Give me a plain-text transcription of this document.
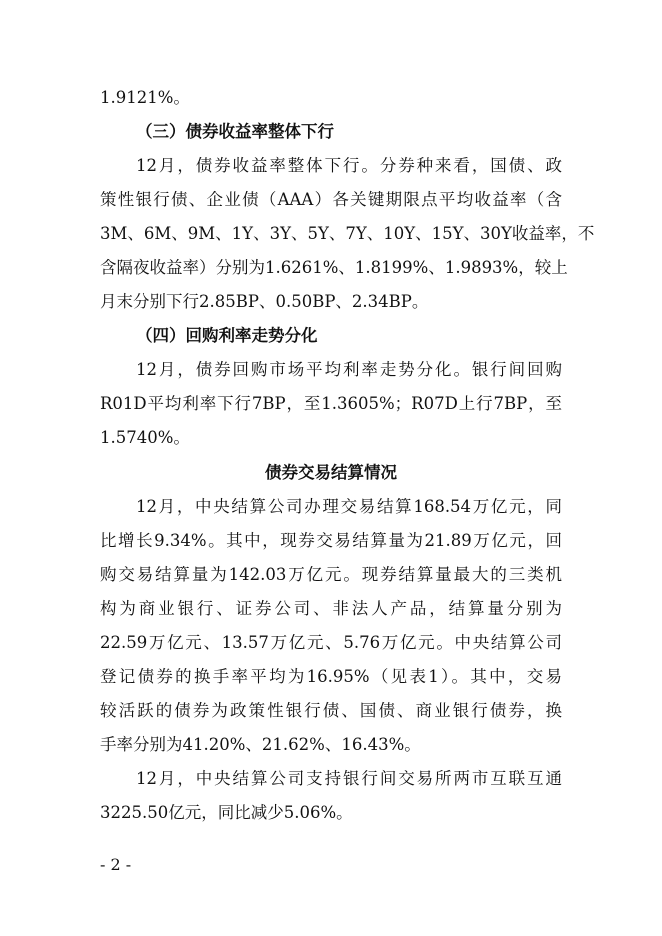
1.9121%。
（三）债券收益率整体下行
12月，债券收益率整体下行。分券种来看，国债、政
策性银行债、企业债（AAA）各关键期限点平均收益率（含
3M、6M、9M、1Y、3Y、5Y、7Y、10Y、15Y、30Y收益率，不
含隔夜收益率）分别为1.6261%、1.8199%、1.9893%，较上
月末分别下行2.85BP、0.50BP、2.34BP。
（四）回购利率走势分化
12月，债券回购市场平均利率走势分化。银行间回购
R01D平均利率下行7BP，至1.3605%；R07D上行7BP，至
1.5740%。
债券交易结算情况
12月，中央结算公司办理交易结算168.54万亿元，同
比增长9.34%。其中，现券交易结算量为21.89万亿元，回
购交易结算量为142.03万亿元。现券结算量最大的三类机
构为商业银行、证券公司、非法人产品，结算量分别为
22.59万亿元、13.57万亿元、5.76万亿元。中央结算公司
登记债券的换手率平均为16.95%（见表1）。其中，交易
较活跃的债券为政策性银行债、国债、商业银行债券，换
手率分别为41.20%、21.62%、16.43%。
12月，中央结算公司支持银行间交易所两市互联互通
3225.50亿元，同比减少5.06%。
- 2 -
